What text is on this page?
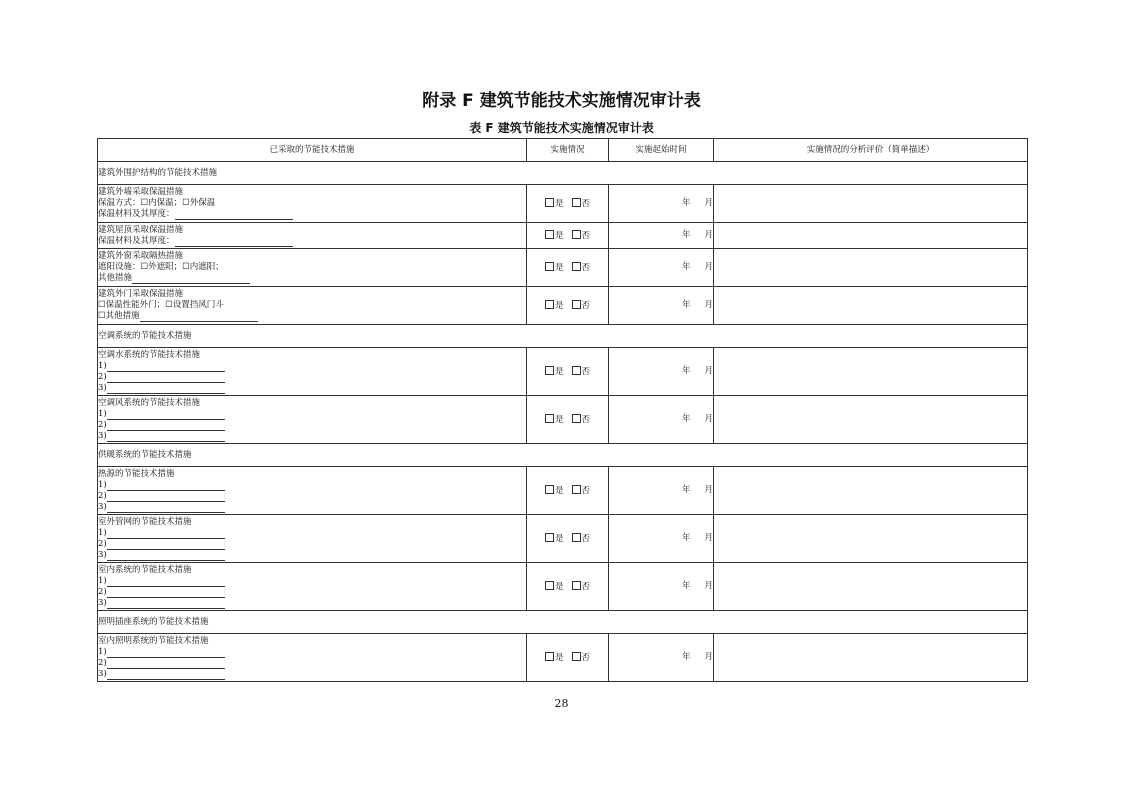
附录 F 建筑节能技术实施情况审计表
表 F 建筑节能技术实施情况审计表
已采取的节能技术措施	实施情况	实施起始时间	实施情况的分析评价（简单描述）
建筑外围护结构的节能技术措施			

建筑外墙采取保温措施
保温方式：☐内保温；☐外保温
保温材料及其厚度：	是 否	年 月	

建筑屋顶采取保温措施
保温材料及其厚度：	是 否	年 月	

建筑外窗采取隔热措施
遮阳设施：☐外遮阳；☐内遮阳；
其他措施	是 否	年 月	

建筑外门采取保温措施
☐保温性能外门；☐设置挡风门斗
☐其他措施	是 否	年 月	
空调系统的节能技术措施			

空调水系统的节能技术措施
1)
2)
3)	是 否	年 月	

空调风系统的节能技术措施
1)
2)
3)	是 否	年 月	
供暖系统的节能技术措施			

热源的节能技术措施
1)
2)
3)	是 否	年 月	

室外管网的节能技术措施
1)
2)
3)	是 否	年 月	

室内系统的节能技术措施
1)
2)
3)	是 否	年 月	
照明插座系统的节能技术措施			

室内照明系统的节能技术措施
1)
2)
3)	是 否	年 月	
28
